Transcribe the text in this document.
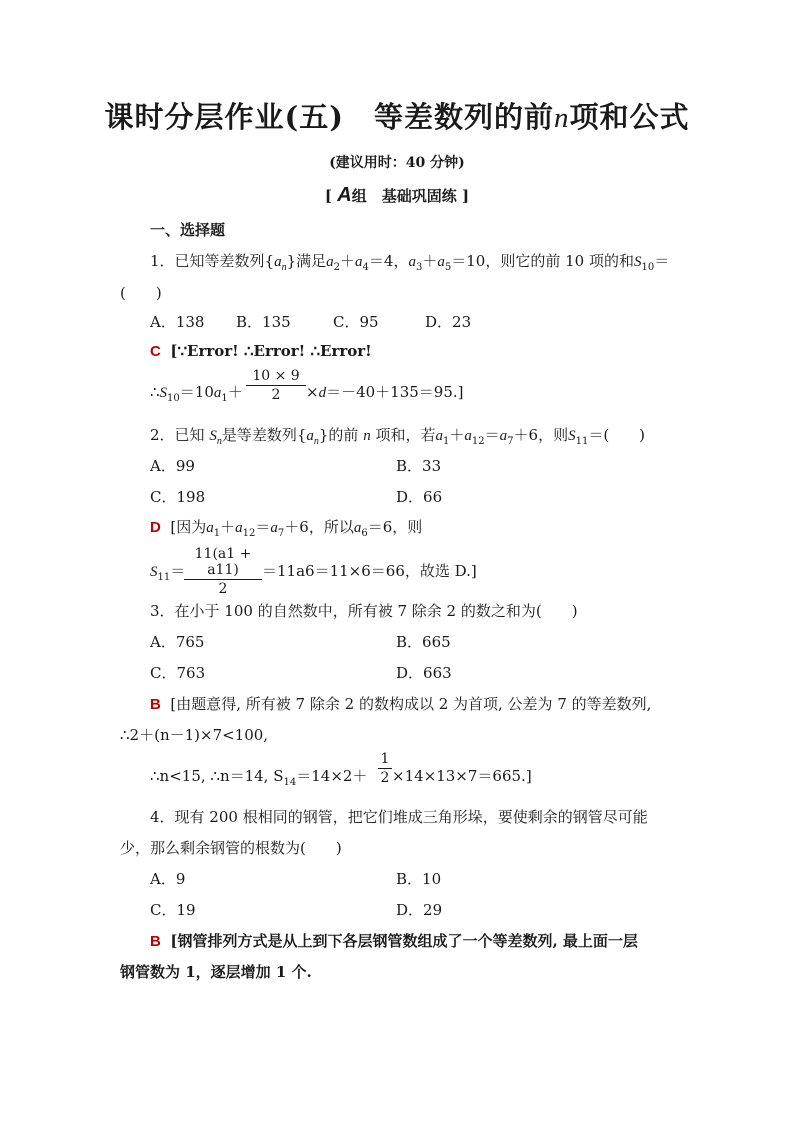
课时分层作业(五)　 等差数列的前n项和公式
(建议用时：40 分钟)
[ A组　基础巩固练 ]
一、选择题
1．已知等差数列$\{a_n\}$满足$a_2+a_4=4$，$a_3+a_5=10$，则它的前 10 项的和$S_{10}=$
(　　)
A．138 B．135	C．95	D．23
C [∵Error! ∴Error! ∴Error!
$\therefore S_{10}=10a_1+ \frac{10 \times 9}{2} \times d=-40+135=95$.]
2．已知 $S_n$是等差数列$\{a_n\}$的前 n 项和，若$a_1+a_{12}=a_7+6$，则$S_{11}=$(　　)
A．99	B．33
C．198	D．66
D [因为$a_1+a_{12}=a_7+6$，所以$a_6=6$，则
$S_{11}=$
$\frac{11(a1 + a11)}{2} =11a6=11\times 6=66$，故选 D.]
3．在小于 100 的自然数中，所有被 7 除余 2 的数之和为(　　)
A．765	B．665
C．763	D．663
B [由题意得, 所有被 7 除余 2 的数构成以 2 为首项, 公差为 7 的等差数列,
∴2＋(n－1)×7<100,
∴n<15, ∴n＝14, $S_{14}=14\times 2+ \frac{1}{2} \times 14\times 13\times 7=665$.]
4．现有 200 根相同的钢管，把它们堆成三角形垛，要使剩余的钢管尽可能
少，那么剩余钢管的根数为(　　)
A．9	B．10
C．19	D．29
B [钢管排列方式是从上到下各层钢管数组成了一个等差数列, 最上面一层
钢管数为 1，逐层增加 1 个.
